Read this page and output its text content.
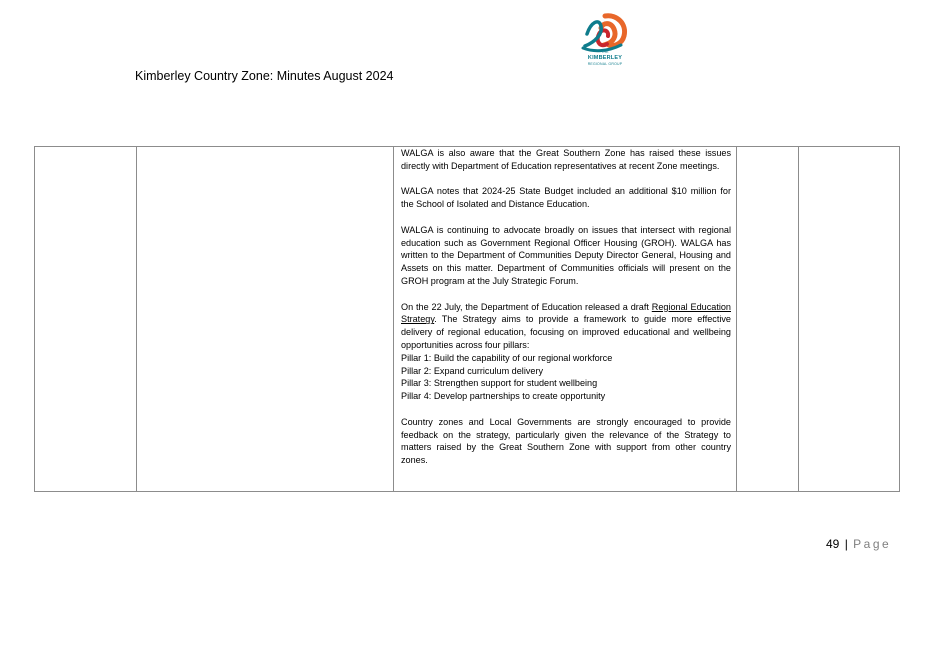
THE
KIMBERLEY
REGIONAL GROUP
Kimberley Country Zone: Minutes August 2024

WALGA is also aware that the Great Southern Zone has raised these issues directly with Department of Education representatives at recent Zone meetings.

WALGA notes that 2024-25 State Budget included an additional $10 million for the School of Isolated and Distance Education.

WALGA is continuing to advocate broadly on issues that intersect with regional education such as Government Regional Officer Housing (GROH). WALGA has written to the Department of Communities Deputy Director General, Housing and Assets on this matter. Department of Communities officials will present on the GROH program at the July Strategic Forum.

On the 22 July, the Department of Education released a draft Regional Education Strategy. The Strategy aims to provide a framework to guide more effective delivery of regional education, focusing on improved educational and wellbeing opportunities across four pillars:

Pillar 1: Build the capability of our regional workforce
Pillar 2: Expand curriculum delivery
Pillar 3: Strengthen support for student wellbeing
Pillar 4: Develop partnerships to create opportunity

Country zones and Local Governments are strongly encouraged to provide feedback on the strategy, particularly given the relevance of the Strategy to matters raised by the Great Southern Zone with support from other country zones.

49 | Page
